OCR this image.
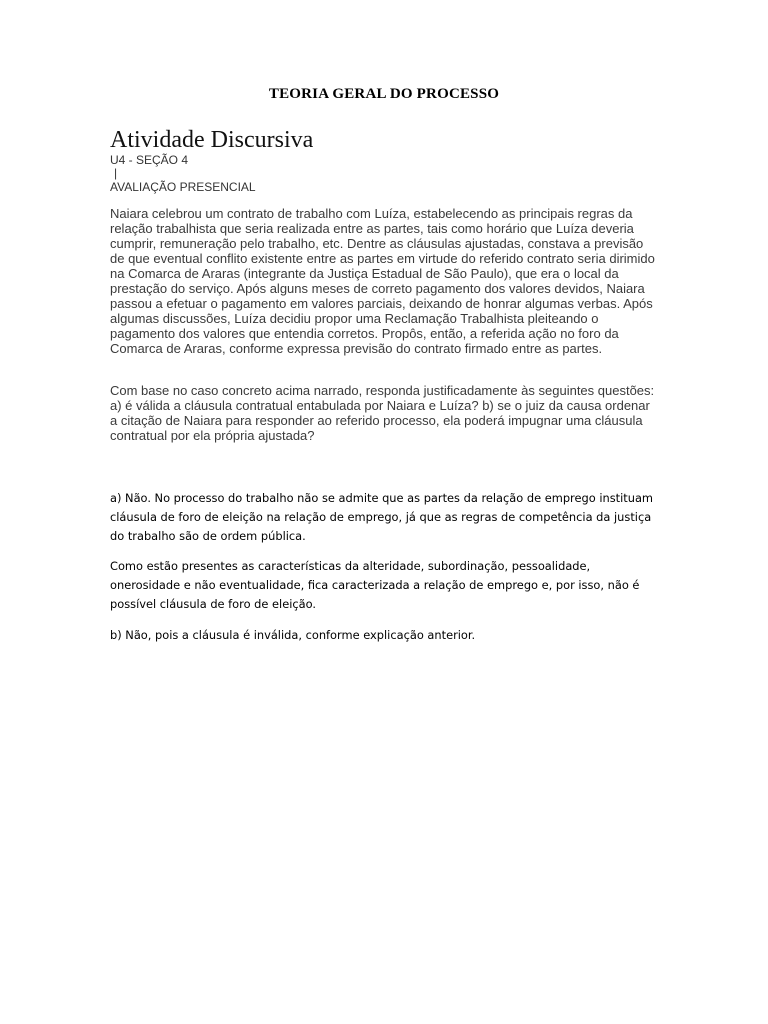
TEORIA GERAL DO PROCESSO
Atividade Discursiva
U4 - SEÇÃO 4
|
AVALIAÇÃO PRESENCIAL

Naiara celebrou um contrato de trabalho com Luíza, estabelecendo as principais regras da relação trabalhista que seria realizada entre as partes, tais como horário que Luíza deveria cumprir, remuneração pelo trabalho, etc. Dentre as cláusulas ajustadas, constava a previsão de que eventual conflito existente entre as partes em virtude do referido contrato seria dirimido na Comarca de Araras (integrante da Justiça Estadual de São Paulo), que era o local da prestação do serviço. Após alguns meses de correto pagamento dos valores devidos, Naiara passou a efetuar o pagamento em valores parciais, deixando de honrar algumas verbas. Após algumas discussões, Luíza decidiu propor uma Reclamação Trabalhista pleiteando o pagamento dos valores que entendia corretos. Propôs, então, a referida ação no foro da Comarca de Araras, conforme expressa previsão do contrato firmado entre as partes.

Com base no caso concreto acima narrado, responda justificadamente às seguintes questões: a) é válida a cláusula contratual entabulada por Naiara e Luíza? b) se o juiz da causa ordenar a citação de Naiara para responder ao referido processo, ela poderá impugnar uma cláusula contratual por ela própria ajustada?

a) Não. No processo do trabalho não se admite que as partes da relação de emprego instituam cláusula de foro de eleição na relação de emprego, já que as regras de competência da justiça do trabalho são de ordem pública.

Como estão presentes as características da alteridade, subordinação, pessoalidade, onerosidade e não eventualidade, fica caracterizada a relação de emprego e, por isso, não é possível cláusula de foro de eleição.

b) Não, pois a cláusula é inválida, conforme explicação anterior.
